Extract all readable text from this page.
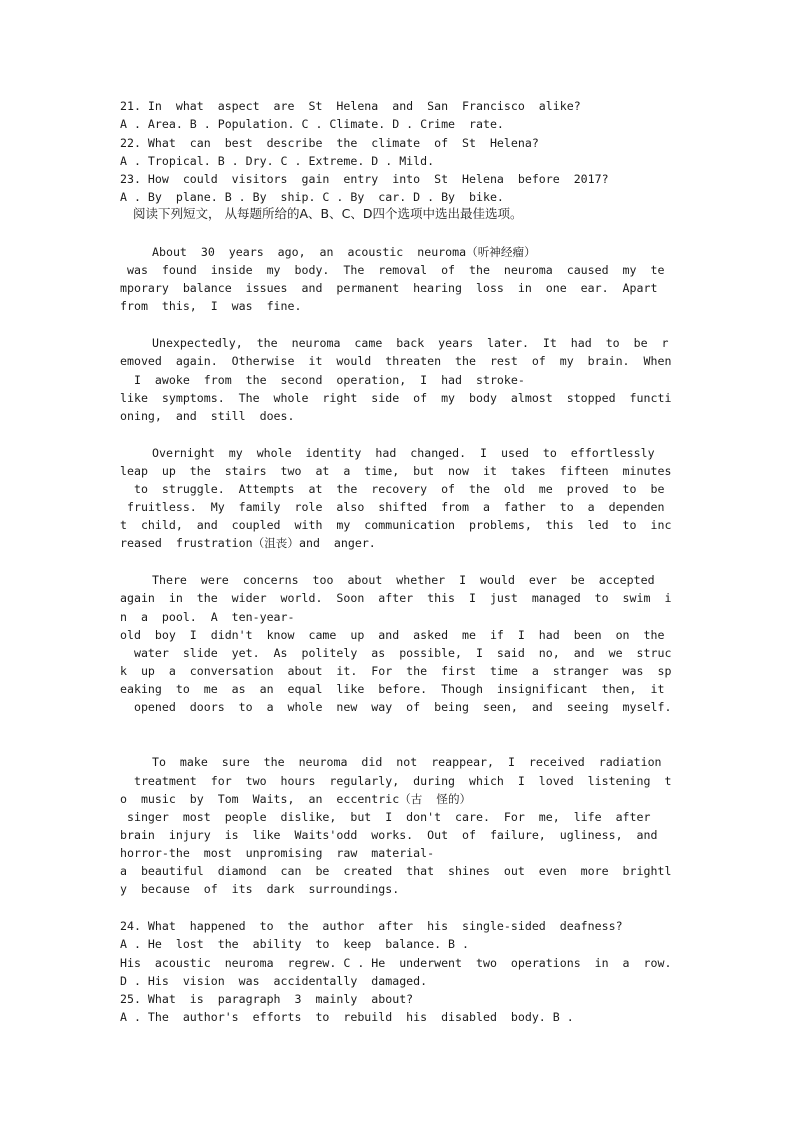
21. In  what  aspect  are  St  Helena  and  San  Francisco  alike?
A . Area. B . Population. C . Climate. D . Crime  rate.
22. What  can  best  describe  the  climate  of  St  Helena?
A . Tropical. B . Dry. C . Extreme. D . Mild.
23. How  could  visitors  gain  entry  into  St  Helena  before  2017?
A . By  plane. B . By  ship. C . By  car. D . By  bike.
阅读下列短文， 从每题所给的A、B、C、D四个选项中选出最佳选项。
About  30  years  ago,  an  acoustic  neuroma（听神经瘤）
was  found  inside  my  body.  The  removal  of  the  neuroma  caused  my  te
mporary  balance  issues  and  permanent  hearing  loss  in  one  ear.  Apart
from  this,  I  was  fine.
Unexpectedly,  the  neuroma  came  back  years  later.  It  had  to  be  r
emoved  again.  Otherwise  it  would  threaten  the  rest  of  my  brain.  When
I  awoke  from  the  second  operation,  I  had  stroke-
like  symptoms.  The  whole  right  side  of  my  body  almost  stopped  functi
oning,  and  still  does.
Overnight  my  whole  identity  had  changed.  I  used  to  effortlessly
leap  up  the  stairs  two  at  a  time,  but  now  it  takes  fifteen  minutes
to  struggle.  Attempts  at  the  recovery  of  the  old  me  proved  to  be
fruitless.  My  family  role  also  shifted  from  a  father  to  a  dependen
t  child,  and  coupled  with  my  communication  problems,  this  led  to  inc
reased  frustration（沮丧）and  anger.
There  were  concerns  too  about  whether  I  would  ever  be  accepted
again  in  the  wider  world.  Soon  after  this  I  just  managed  to  swim  i
n  a  pool.  A  ten-year-
old  boy  I  didn't  know  came  up  and  asked  me  if  I  had  been  on  the
water  slide  yet.  As  politely  as  possible,  I  said  no,  and  we  struc
k  up  a  conversation  about  it.  For  the  first  time  a  stranger  was  sp
eaking  to  me  as  an  equal  like  before.  Though  insignificant  then,  it
opened  doors  to  a  whole  new  way  of  being  seen,  and  seeing  myself.
To  make  sure  the  neuroma  did  not  reappear,  I  received  radiation
treatment  for  two  hours  regularly,  during  which  I  loved  listening  t
o  music  by  Tom  Waits,  an  eccentric（古  怪的）
singer  most  people  dislike,  but  I  don't  care.  For  me,  life  after
brain  injury  is  like  Waits'odd  works.  Out  of  failure,  ugliness,  and
horror-the  most  unpromising  raw  material-
a  beautiful  diamond  can  be  created  that  shines  out  even  more  brightl
y  because  of  its  dark  surroundings.
24. What  happened  to  the  author  after  his  single-sided  deafness?
A . He  lost  the  ability  to  keep  balance. B .
His  acoustic  neuroma  regrew. C . He  underwent  two  operations  in  a  row.
D . His  vision  was  accidentally  damaged.
25. What  is  paragraph  3  mainly  about?
A . The  author's  efforts  to  rebuild  his  disabled  body. B .
